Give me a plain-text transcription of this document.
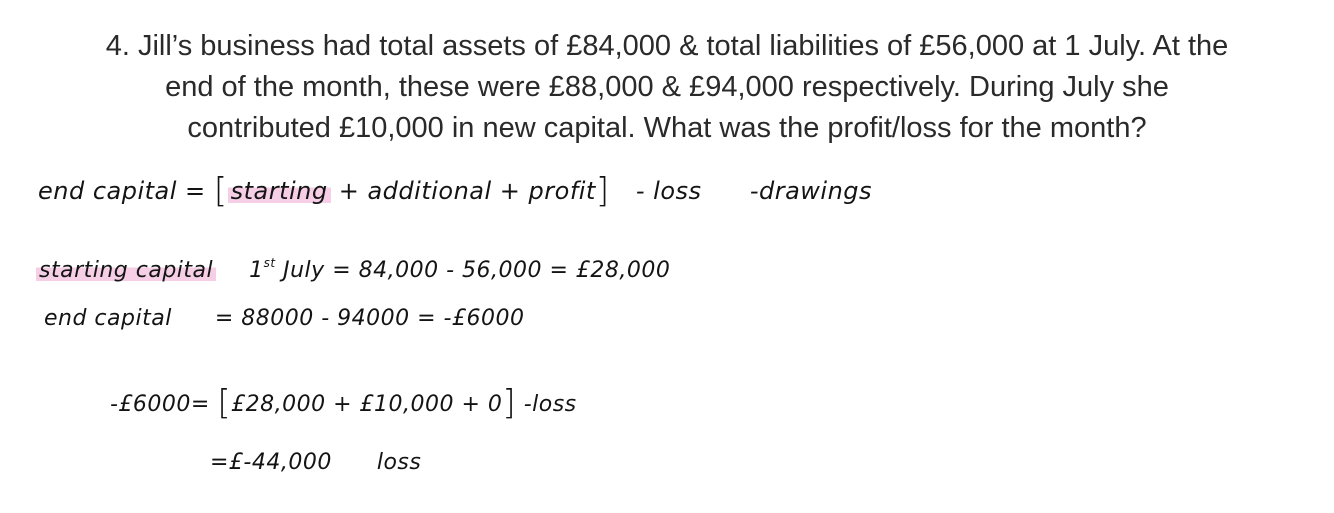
4. Jill’s business had total assets of £84,000 & total liabilities of £56,000 at 1 July. At the
end of the month, these were £88,000 & £94,000 respectively. During July she
contributed £10,000 in new capital. What was the profit/loss for the month?
end capital = [ starting + additional + profit] - loss -drawings
starting capital 1st July = 84,000 - 56,000 = £28,000
end capital = 88000 - 94000 = -£6000
-£6000= [£28,000 + £10,000 + 0] -loss
=£-44,000 loss
